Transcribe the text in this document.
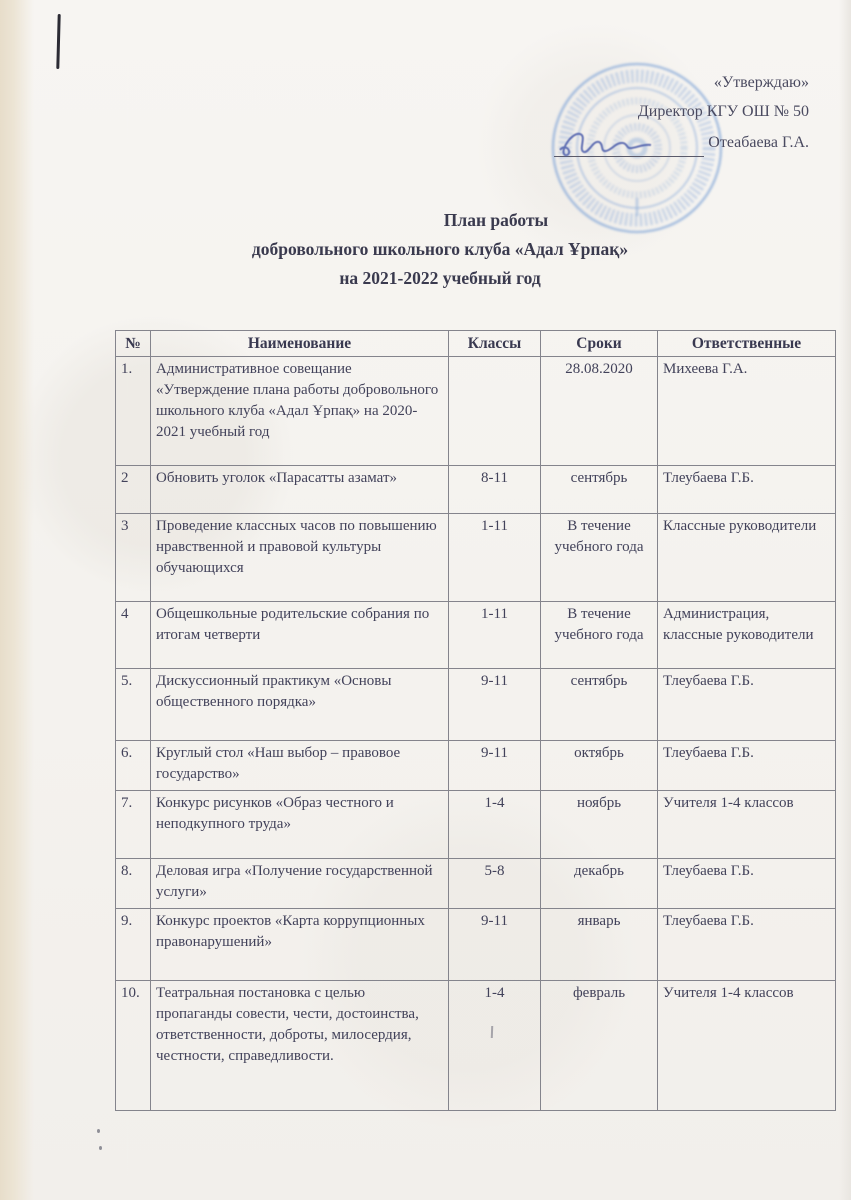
«Утверждаю»
Директор КГУ ОШ № 50
Отеабаева Г.А.
План работы
добровольного школьного клуба «Адал Ұрпақ»
на 2021-2022 учебный год
№	Наименование	Классы	Сроки	Ответственные
1.	Административное совещание «Утверждение плана работы добровольного школьного клуба «Адал Ұрпақ» на 2020-2021 учебный год		28.08.2020	Михеева Г.А.
2	Обновить уголок «Парасатты азамат»	8-11	сентябрь	Тлеубаева Г.Б.
3	Проведение классных часов по повышению нравственной и правовой культуры обучающихся	1-11	В течение учебного года	Классные руководители
4	Общешкольные родительские собрания по итогам четверти	1-11	В течение учебного года	Администрация, классные руководители
5.	Дискуссионный практикум «Основы общественного порядка»	9-11	сентябрь	Тлеубаева Г.Б.
6.	Круглый стол «Наш выбор – правовое государство»	9-11	октябрь	Тлеубаева Г.Б.
7.	Конкурс рисунков «Образ честного и неподкупного труда»	1-4	ноябрь	Учителя 1-4 классов
8.	Деловая игра «Получение государственной услуги»	5-8	декабрь	Тлеубаева Г.Б.
9.	Конкурс проектов «Карта коррупционных правонарушений»	9-11	январь	Тлеубаева Г.Б.
10.	Театральная постановка с целью пропаганды совести, чести, достоинства, ответственности, доброты, милосердия, честности, справедливости.	1-4	февраль	Учителя 1-4 классов
